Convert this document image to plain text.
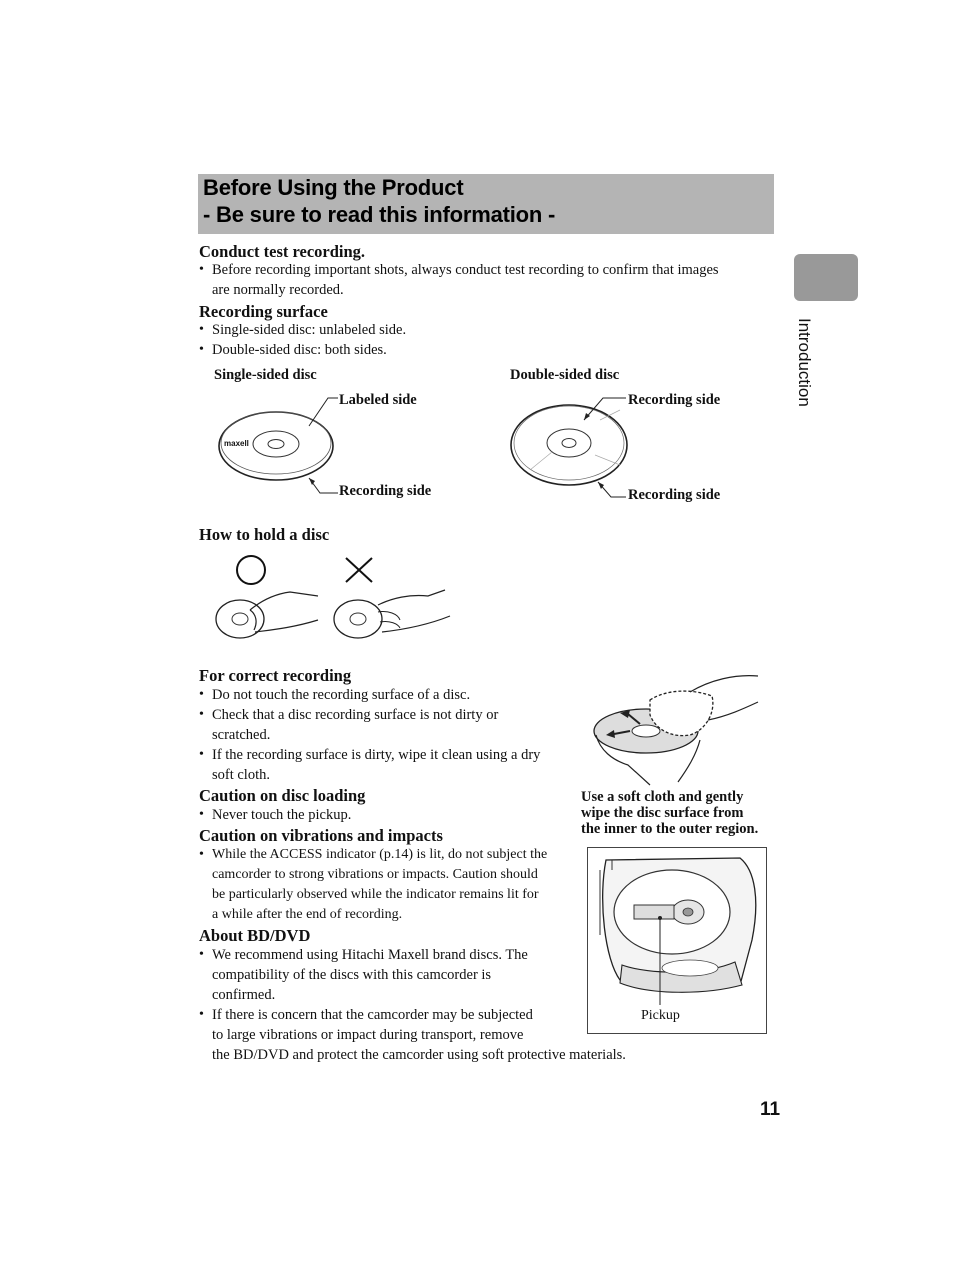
Before Using the Product
- Be sure to read this information -
Introduction
Conduct test recording.
• Before recording important shots, always conduct test recording to confirm that images
are normally recorded.
Recording surface
• Single-sided disc: unlabeled side.
• Double-sided disc: both sides.
Single-sided disc
Labeled side
Recording side
Double-sided disc
Recording side
Recording side
maxell
How to hold a disc
For correct recording
• Do not touch the recording surface of a disc.
• Check that a disc recording surface is not dirty or
scratched.
• If the recording surface is dirty, wipe it clean using a dry
soft cloth.
Use a soft cloth and gently
wipe the disc surface from
the inner to the outer region.
Caution on disc loading
• Never touch the pickup.
Caution on vibrations and impacts
• While the ACCESS indicator (p.14) is lit, do not subject the
camcorder to strong vibrations or impacts. Caution should
be particularly observed while the indicator remains lit for
a while after the end of recording.
Pickup
About BD/DVD
• We recommend using Hitachi Maxell brand discs. The
compatibility of the discs with this camcorder is
confirmed.
• If there is concern that the camcorder may be subjected
to large vibrations or impact during transport, remove
the BD/DVD and protect the camcorder using soft protective materials.
11
